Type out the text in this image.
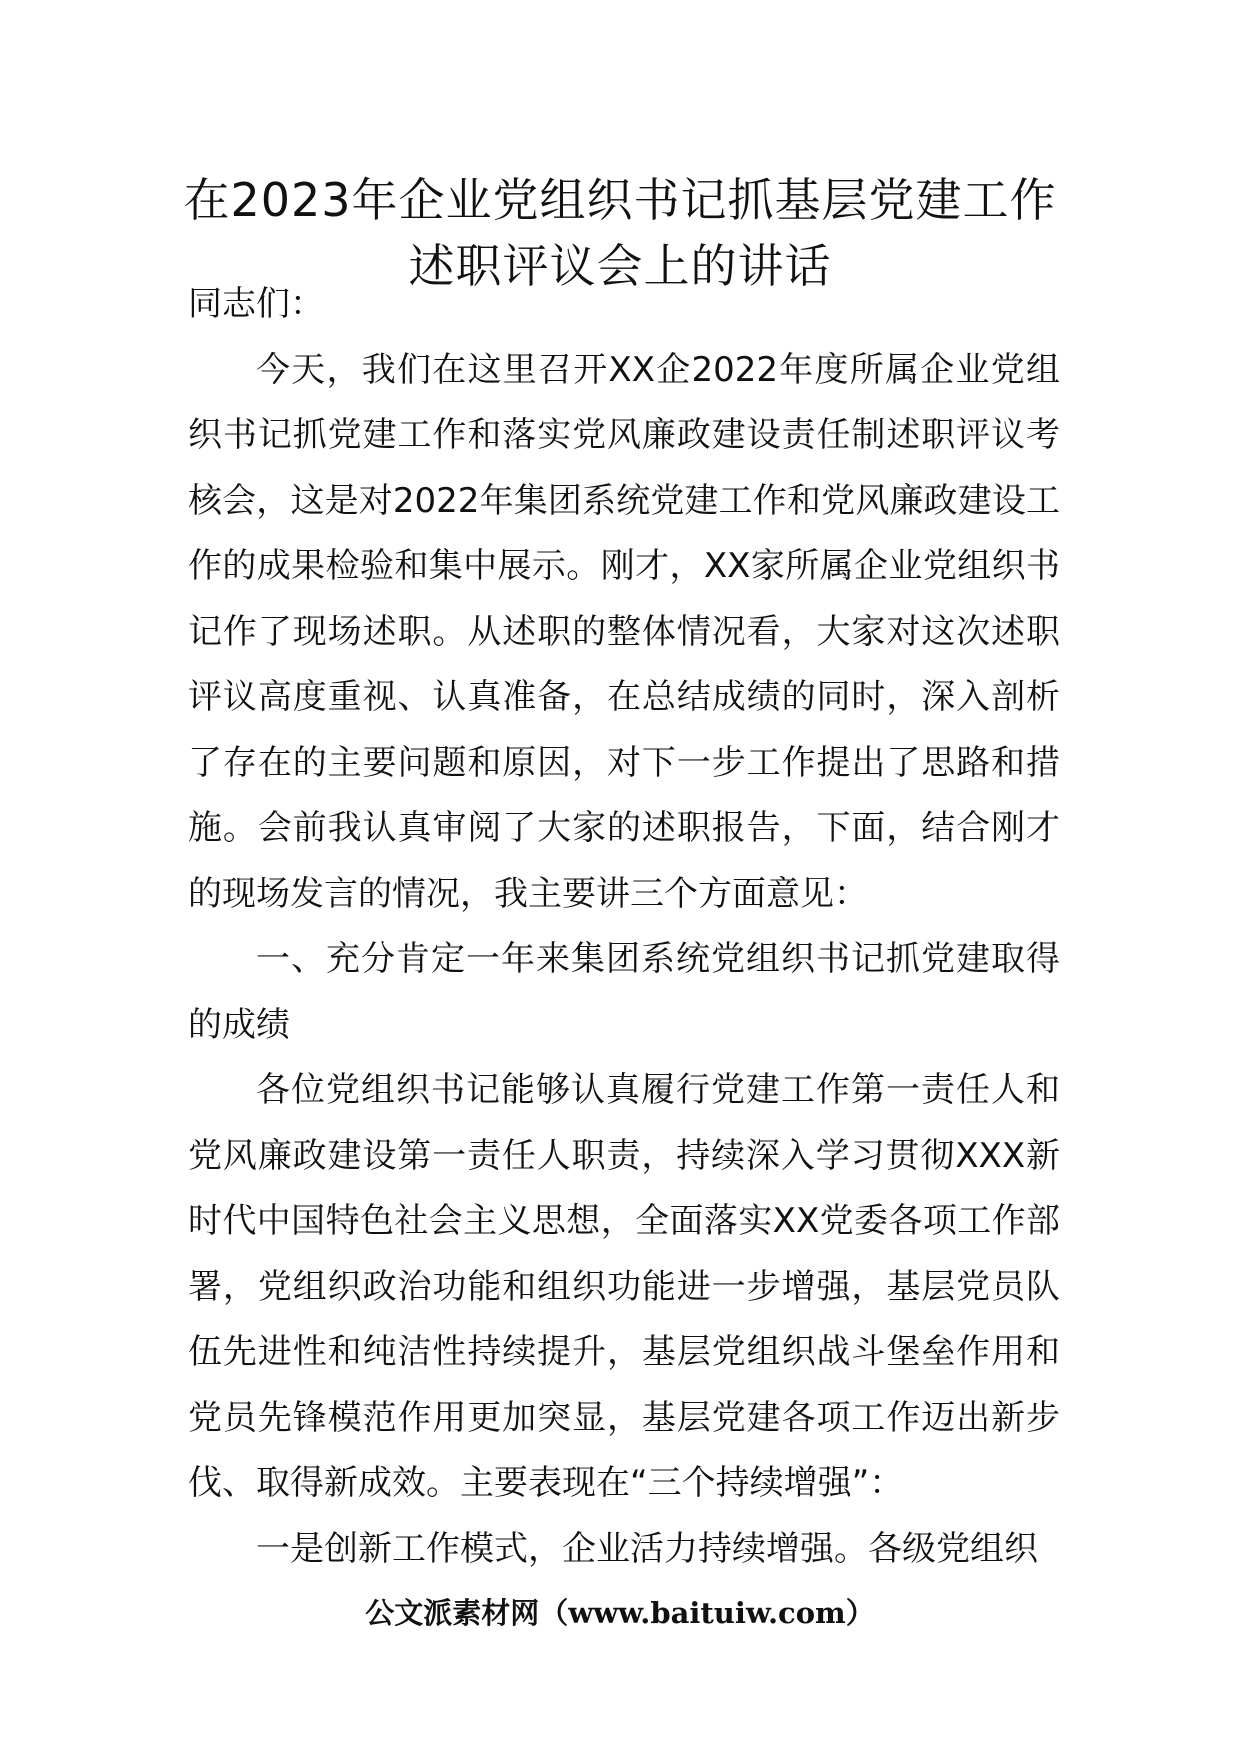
在2023年企业党组织书记抓基层党建工作
述职评议会上的讲话

同志们：

今天，我们在这里召开XX企2022年度所属企业党组织书记抓党建工作和落实党风廉政建设责任制述职评议考核会，这是对2022年集团系统党建工作和党风廉政建设工作的成果检验和集中展示。刚才，XX家所属企业党组织书记作了现场述职。从述职的整体情况看，大家对这次述职评议高度重视、认真准备，在总结成绩的同时，深入剖析了存在的主要问题和原因，对下一步工作提出了思路和措施。会前我认真审阅了大家的述职报告，下面，结合刚才的现场发言的情况，我主要讲三个方面意见：

一、充分肯定一年来集团系统党组织书记抓党建取得的成绩

各位党组织书记能够认真履行党建工作第一责任人和党风廉政建设第一责任人职责，持续深入学习贯彻XXX新时代中国特色社会主义思想，全面落实XX党委各项工作部署，党组织政治功能和组织功能进一步增强，基层党员队伍先进性和纯洁性持续提升，基层党组织战斗堡垒作用和党员先锋模范作用更加突显，基层党建各项工作迈出新步伐、取得新成效。主要表现在“三个持续增强”：

一是创新工作模式，企业活力持续增强。各级党组织

公文派素材网（www.baituiw.com）
